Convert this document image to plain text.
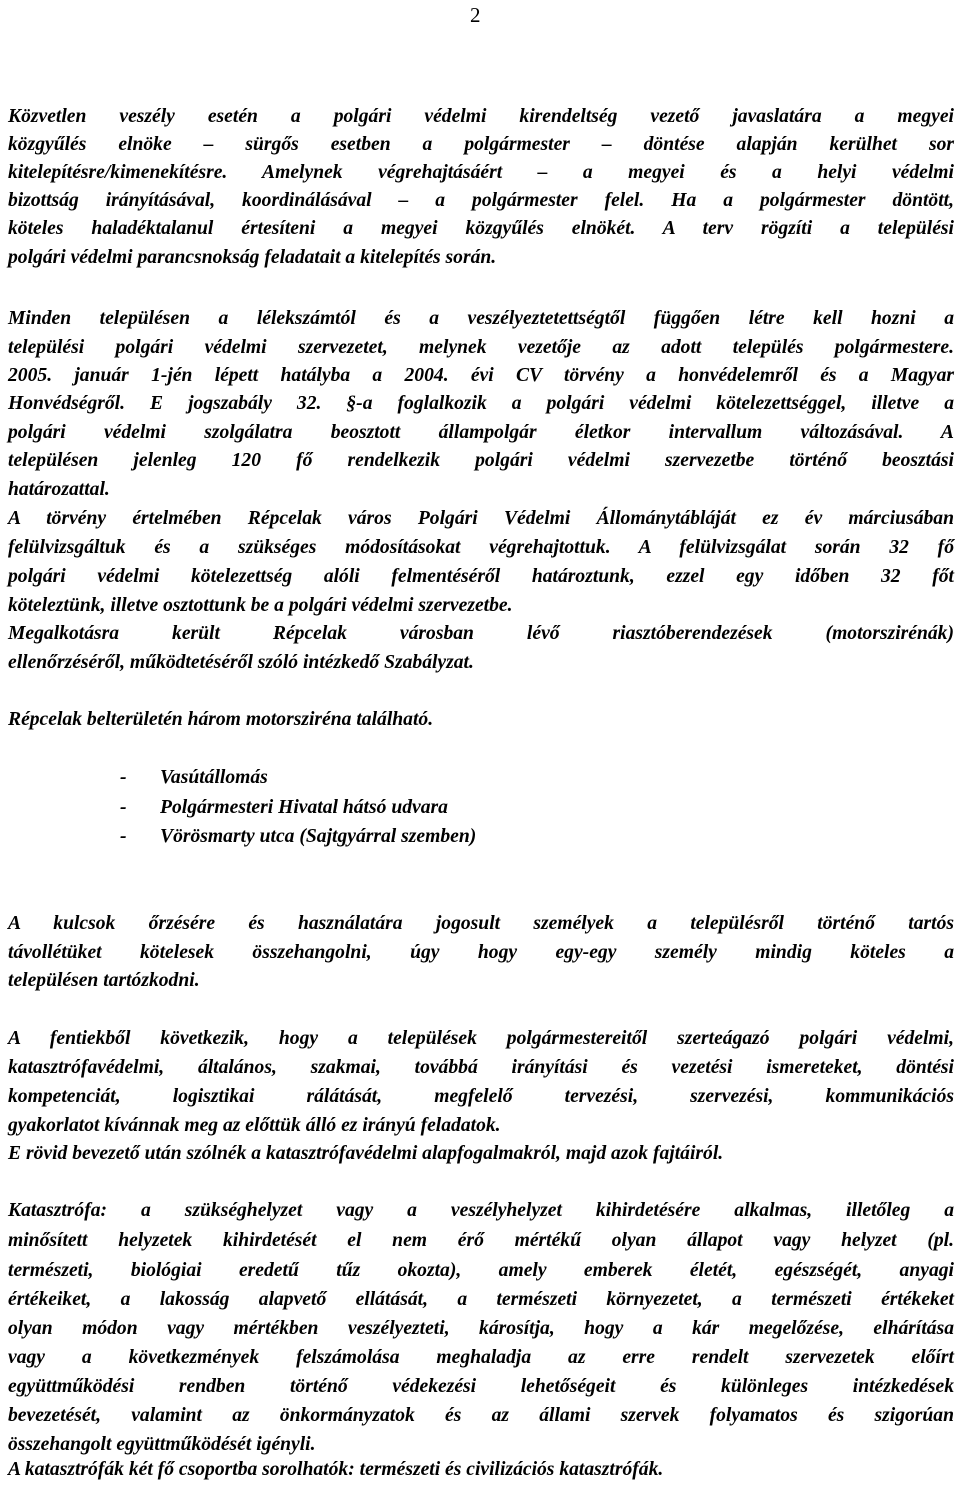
2
Közvetlen veszély esetén a polgári védelmi kirendeltség vezető javaslatára a megyei
közgyűlés elnöke – sürgős esetben a polgármester – döntése alapján kerülhet sor
kitelepítésre/kimenekítésre. Amelynek végrehajtásáért – a megyei és a helyi védelmi
bizottság irányításával, koordinálásával – a polgármester felel. Ha a polgármester döntött,
köteles haladéktalanul értesíteni a megyei közgyűlés elnökét. A terv rögzíti a települési
polgári védelmi parancsnokság feladatait a kitelepítés során.
Minden településen a lélekszámtól és a veszélyeztetettségtől függően létre kell hozni a
települési polgári védelmi szervezetet, melynek vezetője az adott település polgármestere.
2005. január 1-jén lépett hatályba a 2004. évi CV törvény a honvédelemről és a Magyar
Honvédségről. E jogszabály 32. §-a foglalkozik a polgári védelmi kötelezettséggel, illetve a
polgári védelmi szolgálatra beosztott állampolgár életkor intervallum változásával. A
településen jelenleg 120 fő rendelkezik polgári védelmi szervezetbe történő beosztási
határozattal.
A törvény értelmében Répcelak város Polgári Védelmi Állománytábláját ez év márciusában
felülvizsgáltuk és a szükséges módosításokat végrehajtottuk. A felülvizsgálat során 32 fő
polgári védelmi kötelezettség alóli felmentéséről határoztunk, ezzel egy időben 32 főt
köteleztünk, illetve osztottunk be a polgári védelmi szervezetbe.
Megalkotásra került Répcelak városban lévő riasztóberendezések (motorszirénák)
ellenőrzéséről, működtetéséről szóló intézkedő Szabályzat.
Répcelak belterületén három motorsziréna található.
- Vasútállomás
- Polgármesteri Hivatal hátsó udvara
- Vörösmarty utca (Sajtgyárral szemben)
A kulcsok őrzésére és használatára jogosult személyek a településről történő tartós
távollétüket kötelesek összehangolni, úgy hogy egy-egy személy mindig köteles a
településen tartózkodni.
A fentiekből következik, hogy a települések polgármestereitől szerteágazó polgári védelmi,
katasztrófavédelmi, általános, szakmai, továbbá irányítási és vezetési ismereteket, döntési
kompetenciát, logisztikai rálátását, megfelelő tervezési, szervezési, kommunikációs
gyakorlatot kívánnak meg az előttük álló ez irányú feladatok.
E rövid bevezető után szólnék a katasztrófavédelmi alapfogalmakról, majd azok fajtáiról.
Katasztrófa: a szükséghelyzet vagy a veszélyhelyzet kihirdetésére alkalmas, illetőleg a
minősített helyzetek kihirdetését el nem érő mértékű olyan állapot vagy helyzet (pl.
természeti, biológiai eredetű tűz okozta), amely emberek életét, egészségét, anyagi
értékeiket, a lakosság alapvető ellátását, a természeti környezetet, a természeti értékeket
olyan módon vagy mértékben veszélyezteti, károsítja, hogy a kár megelőzése, elhárítása
vagy a következmények felszámolása meghaladja az erre rendelt szervezetek előírt
együttműködési rendben történő védekezési lehetőségeit és különleges intézkedések
bevezetését, valamint az önkormányzatok és az állami szervek folyamatos és szigorúan
összehangolt együttműködését igényli.
A katasztrófák két fő csoportba sorolhatók: természeti és civilizációs katasztrófák.
